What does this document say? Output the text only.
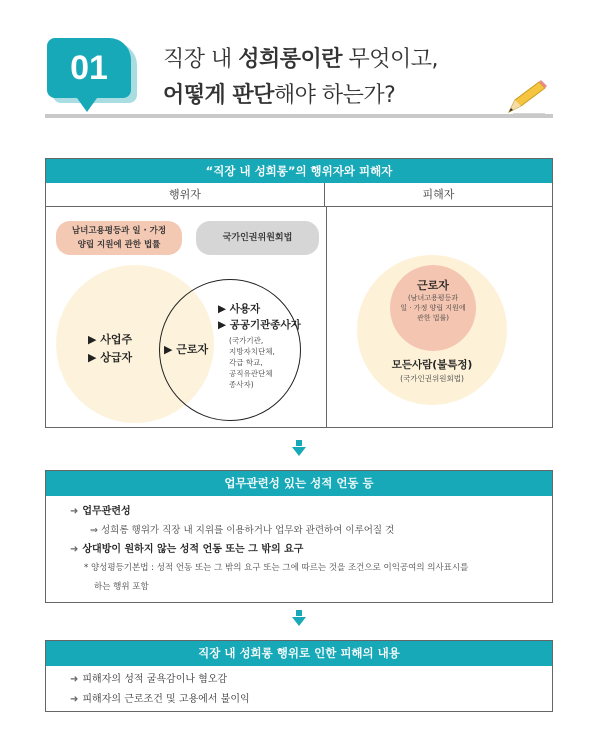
01	직장 내 성희롱이란 무엇이고,
어떻게 판단해야 하는가?
“직장 내 성희롱”의 행위자와 피해자
행위자	피해자
남녀고용평등과 일 · 가정
양립 지원에 관한 법률
국가인권위원회법
▶ 사업주
▶ 상급자
▶ 근로자
▶ 사용자
▶ 공공기관종사자
(국가기관,
지방자치단체,
각급 학교,
공직유관단체
종사자)
근로자
(남녀고용평등과
일 · 가정 양립 지원에
관한 법률)
모든사람(불특정)
(국가인권위원회법)
업무관련성 있는 성적 언동 등
➜ 업무관련성
⇒ 성희롱 행위가 직장 내 지위를 이용하거나 업무와 관련하여 이루어질 것
➜ 상대방이 원하지 않는 성적 언동 또는 그 밖의 요구
* 양성평등기본법 : 성적 언동 또는 그 밖의 요구 또는 그에 따르는 것을 조건으로 이익공여의 의사표시를
하는 행위 포함
직장 내 성희롱 행위로 인한 피해의 내용
➜ 피해자의 성적 굴욕감이나 혐오감
➜ 피해자의 근로조건 및 고용에서 불이익
